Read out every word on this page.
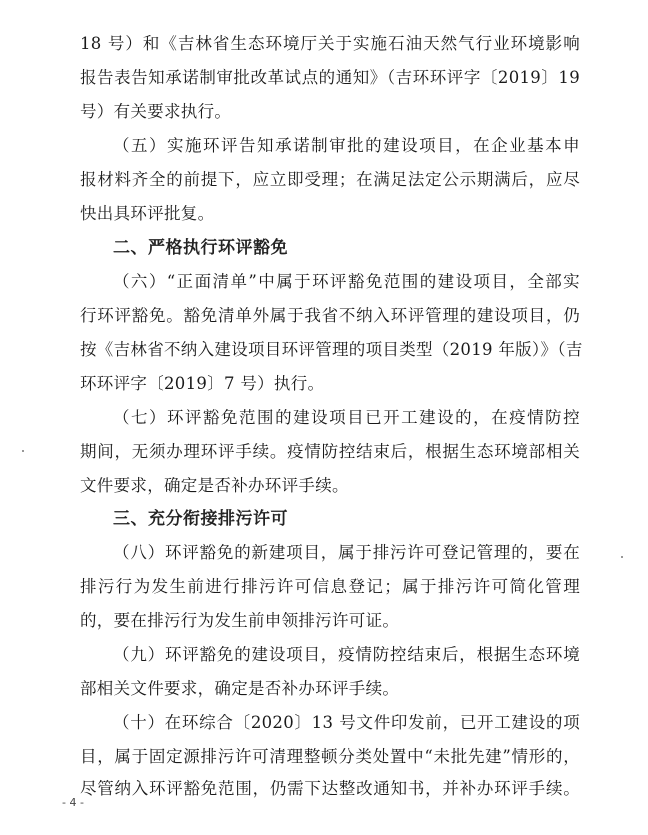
18 号）和《吉林省生态环境厅关于实施石油天然气行业环境影响
报告表告知承诺制审批改革试点的通知》（吉环环评字〔2019〕19
号）有关要求执行。
（五）实施环评告知承诺制审批的建设项目，在企业基本申
报材料齐全的前提下，应立即受理；在满足法定公示期满后，应尽
快出具环评批复。
二、严格执行环评豁免
（六）“正面清单”中属于环评豁免范围的建设项目，全部实
行环评豁免。豁免清单外属于我省不纳入环评管理的建设项目，仍
按《吉林省不纳入建设项目环评管理的项目类型（2019 年版）》（吉
环环评字〔2019〕7 号）执行。
（七）环评豁免范围的建设项目已开工建设的，在疫情防控
期间，无须办理环评手续。疫情防控结束后，根据生态环境部相关
文件要求，确定是否补办环评手续。
三、充分衔接排污许可
（八）环评豁免的新建项目，属于排污许可登记管理的，要在
排污行为发生前进行排污许可信息登记；属于排污许可简化管理
的，要在排污行为发生前申领排污许可证。
（九）环评豁免的建设项目，疫情防控结束后，根据生态环境
部相关文件要求，确定是否补办环评手续。
（十）在环综合〔2020〕13 号文件印发前，已开工建设的项
目，属于固定源排污许可清理整顿分类处置中“未批先建”情形的，
尽管纳入环评豁免范围，仍需下达整改通知书，并补办环评手续。
- 4 -
